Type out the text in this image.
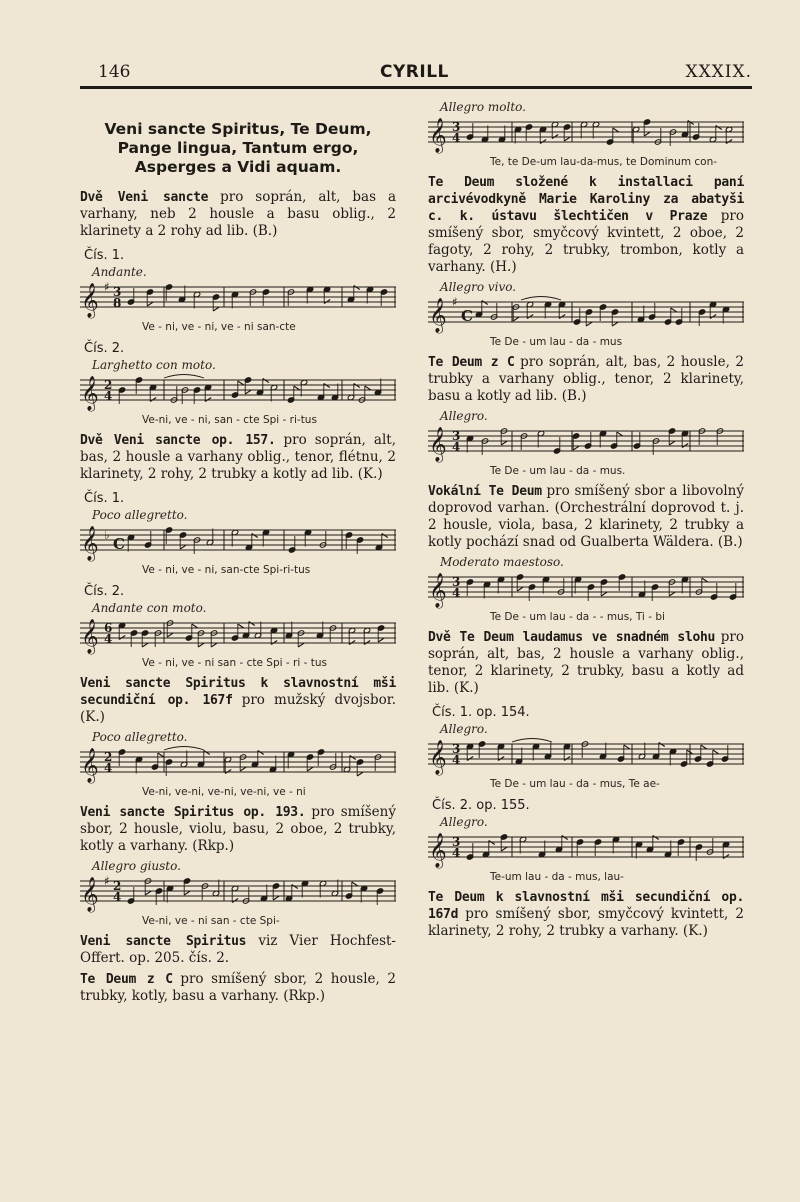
146	CYRILL	XXXIX.
Veni sancte Spiritus, Te Deum, Pange lingua, Tantum ergo, Asperges a Vidi aquam.
Dvě Veni sancte pro soprán, alt, bas a varhany, neb 2 housle a basu oblig., 2 klarinety a 2 rohy ad lib. (B.)
Čís. 1.
Andante.
𝄞 ♯ 3
8
Ve - ni, ve - ni, ve - ni san-cte
Čís. 2.
Larghetto con moto.
𝄞 2
4
Ve-ni, ve - ni, san - cte Spi - ri-tus
Dvě Veni sancte op. 157. pro soprán, alt, bas, 2 housle a varhany oblig., tenor, flétnu, 2 klarinety, 2 rohy, 2 trubky a kotly ad lib. (K.)
Čís. 1.
Poco allegretto.
𝄞 ♭ C
Ve - ni, ve - ni, san-cte Spi-ri-tus
Čís. 2.
Andante con moto.
𝄞 6
4
Ve - ni, ve - ni san - cte Spi - ri - tus
Veni sancte Spiritus k slavnostní mši secundiční op. 167f pro mužský dvojsbor. (K.)
Poco allegretto.
𝄞 2
4
Ve-ni, ve-ni, ve-ni, ve-ni, ve - ni
Veni sancte Spiritus op. 193. pro smíšený sbor, 2 housle, violu, basu, 2 oboe, 2 trubky, kotly a varhany. (Rkp.)
Allegro giusto.
𝄞 ♯ 2
4
Ve-ni, ve - ni san - cte Spi-
Veni sancte Spiritus viz Vier Hochfest-Offert. op. 205. čís. 2.
Te Deum z C pro smíšený sbor, 2 housle, 2 trubky, kotly, basu a varhany. (Rkp.)
Allegro molto.
𝄞 3
4
Te, te De-um lau-da-mus, te Dominum con-
Te Deum složené k installaci paní arcivévodkyně Marie Karoliny za abatyši c. k. ústavu šlechtičen v Praze pro smíšený sbor, smyčcový kvintett, 2 oboe, 2 fagoty, 2 rohy, 2 trubky, trombon, kotly a varhany. (H.)
Allegro vivo.
𝄞 ♯
C
Te De - um lau - da - mus
Te Deum z C pro soprán, alt, bas, 2 housle, 2 trubky a varhany oblig., tenor, 2 klarinety, basu a kotly ad lib. (B.)
Allegro.
𝄞 3
4
Te De - um lau - da - mus.
Vokální Te Deum pro smíšený sbor a libovolný doprovod varhan. (Orchestrální doprovod t. j. 2 housle, viola, basa, 2 klarinety, 2 trubky a kotly pochází snad od Gualberta Wäldera. (B.)
Moderato maestoso.
𝄞 3
4
Te De - um lau - da - - mus, Ti - bi
Dvě Te Deum laudamus ve snadném slohu pro soprán, alt, bas, 2 housle a varhany oblig., tenor, 2 klarinety, 2 trubky, basu a kotly ad lib. (K.)
Čís. 1. op. 154.
Allegro.
𝄞 3
4
Te De - um lau - da - mus, Te ae-
Čís. 2. op. 155.
Allegro.
𝄞 3
4
Te-um lau - da - mus, lau-
Te Deum k slavnostní mši secundiční op. 167d pro smíšený sbor, smyčcový kvintett, 2 klarinety, 2 rohy, 2 trubky a varhany. (K.)
